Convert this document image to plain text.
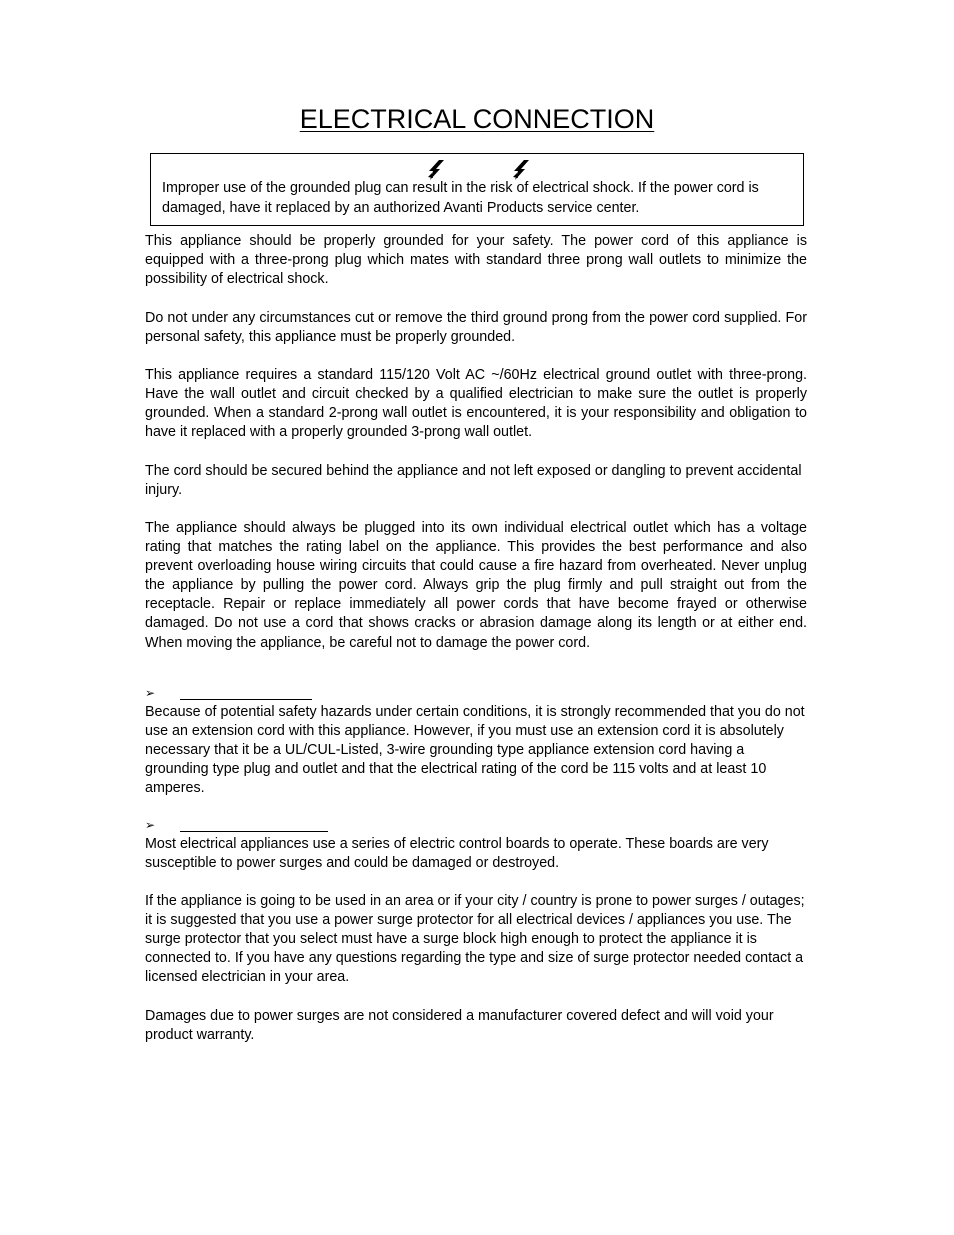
ELECTRICAL CONNECTION
Improper use of the grounded plug can result in the risk of electrical shock. If the power cord is damaged, have it replaced by an authorized Avanti Products service center.
This appliance should be properly grounded for your safety. The power cord of this appliance is equipped with a three-prong plug which mates with standard three prong wall outlets to minimize the possibility of electrical shock.
Do not under any circumstances cut or remove the third ground prong from the power cord supplied. For personal safety, this appliance must be properly grounded.
This appliance requires a standard 115/120 Volt AC ~/60Hz electrical ground outlet with three-prong. Have the wall outlet and circuit checked by a qualified electrician to make sure the outlet is properly grounded. When a standard 2-prong wall outlet is encountered, it is your responsibility and obligation to have it replaced with a properly grounded 3-prong wall outlet.
The cord should be secured behind the appliance and not left exposed or dangling to prevent accidental injury.
The appliance should always be plugged into its own individual electrical outlet which has a voltage rating that matches the rating label on the appliance. This provides the best performance and also prevent overloading house wiring circuits that could cause a fire hazard from overheated. Never unplug the appliance by pulling the power cord. Always grip the plug firmly and pull straight out from the receptacle. Repair or replace immediately all power cords that have become frayed or otherwise damaged. Do not use a cord that shows cracks or abrasion damage along its length or at either end. When moving the appliance, be careful not to damage the power cord.
➢
Because of potential safety hazards under certain conditions, it is strongly recommended that you do not use an extension cord with this appliance. However, if you must use an extension cord it is absolutely necessary that it be a UL/CUL-Listed, 3-wire grounding type appliance extension cord having a grounding type plug and outlet and that the electrical rating of the cord be 115 volts and at least 10 amperes.
➢
Most electrical appliances use a series of electric control boards to operate. These boards are very susceptible to power surges and could be damaged or destroyed.
If the appliance is going to be used in an area or if your city / country is prone to power surges / outages; it is suggested that you use a power surge protector for all electrical devices / appliances you use. The surge protector that you select must have a surge block high enough to protect the appliance it is connected to. If you have any questions regarding the type and size of surge protector needed contact a licensed electrician in your area.
Damages due to power surges are not considered a manufacturer covered defect and will void your product warranty.
